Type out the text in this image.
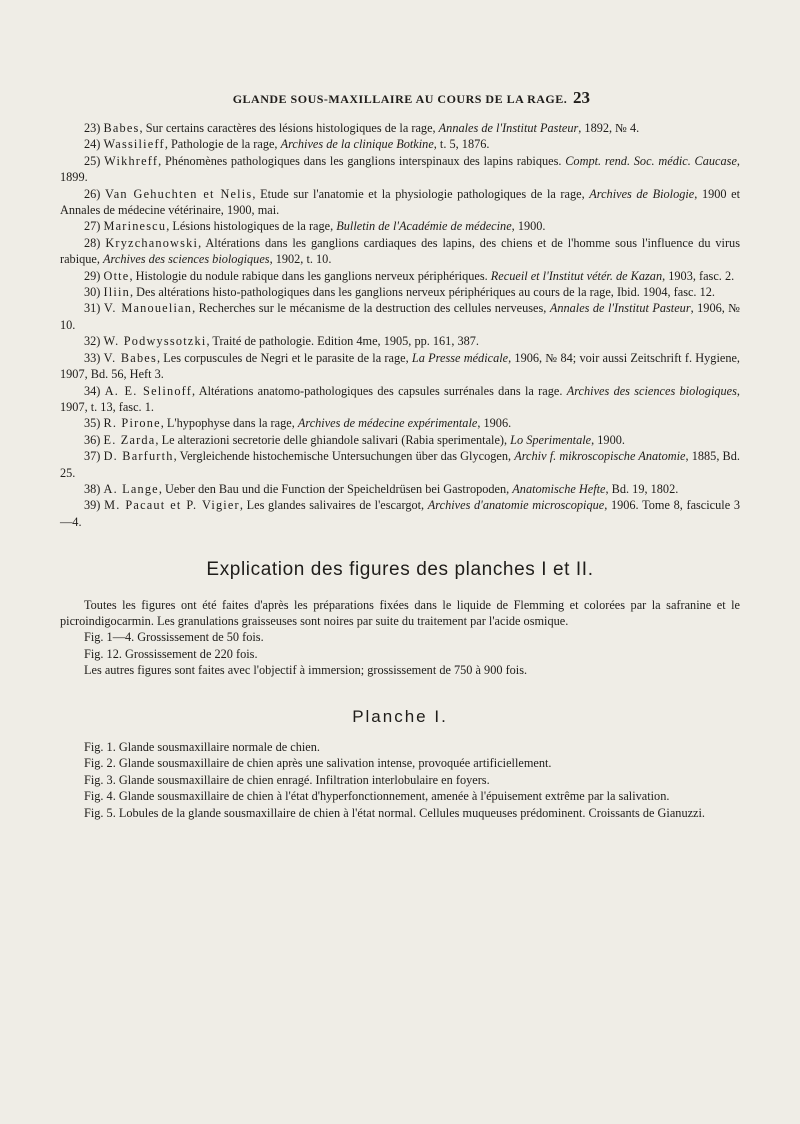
GLANDE SOUS-MAXILLAIRE AU COURS DE LA RAGE. 23

23) Babes, Sur certains caractères des lésions histologiques de la rage, Annales de l'Institut Pasteur, 1892, № 4.

24) Wassilieff, Pathologie de la rage, Archives de la clinique Botkine, t. 5, 1876.

25) Wikhreff, Phénomènes pathologiques dans les ganglions interspinaux des lapins rabiques. Compt. rend. Soc. médic. Caucase, 1899.

26) Van Gehuchten et Nelis, Etude sur l'anatomie et la physiologie pathologiques de la rage, Archives de Biologie, 1900 et Annales de médecine vétérinaire, 1900, mai.

27) Marinescu, Lésions histologiques de la rage, Bulletin de l'Académie de médecine, 1900.

28) Kryzchanowski, Altérations dans les ganglions cardiaques des lapins, des chiens et de l'homme sous l'influence du virus rabique, Archives des sciences biologiques, 1902, t. 10.

29) Otte, Histologie du nodule rabique dans les ganglions nerveux périphériques. Recueil et l'Institut vétér. de Kazan, 1903, fasc. 2.

30) Iliin, Des altérations histo-pathologiques dans les ganglions nerveux périphériques au cours de la rage, Ibid. 1904, fasc. 12.

31) V. Manouelian, Recherches sur le mécanisme de la destruction des cellules nerveuses, Annales de l'Institut Pasteur, 1906, № 10.

32) W. Podwyssotzki, Traité de pathologie. Edition 4me, 1905, pp. 161, 387.

33) V. Babes, Les corpuscules de Negri et le parasite de la rage, La Presse médicale, 1906, № 84; voir aussi Zeitschrift f. Hygiene, 1907, Bd. 56, Heft 3.

34) A. E. Selinoff, Altérations anatomo-pathologiques des capsules surrénales dans la rage. Archives des sciences biologiques, 1907, t. 13, fasc. 1.

35) R. Pirone, L'hypophyse dans la rage, Archives de médecine expérimentale, 1906.

36) E. Zarda, Le alterazioni secretorie delle ghiandole salivari (Rabia sperimentale), Lo Sperimentale, 1900.

37) D. Barfurth, Vergleichende histochemische Untersuchungen über das Glycogen, Archiv f. mikroscopische Anatomie, 1885, Bd. 25.

38) A. Lange, Ueber den Bau und die Function der Speicheldrüsen bei Gastropoden, Anatomische Hefte, Bd. 19, 1802.

39) M. Pacaut et P. Vigier, Les glandes salivaires de l'escargot, Archives d'anatomie microscopique, 1906. Tome 8, fascicule 3—4.

Explication des figures des planches I et II.

Toutes les figures ont été faites d'après les préparations fixées dans le liquide de Flemming et colorées par la safranine et le picroindigocarmin. Les granulations graisseuses sont noires par suite du traitement par l'acide osmique.

Fig. 1—4. Grossissement de 50 fois.

Fig. 12. Grossissement de 220 fois.

Les autres figures sont faites avec l'objectif à immersion; grossissement de 750 à 900 fois.

Planche I.

Fig. 1. Glande sousmaxillaire normale de chien.

Fig. 2. Glande sousmaxillaire de chien après une salivation intense, provoquée artificiellement.

Fig. 3. Glande sousmaxillaire de chien enragé. Infiltration interlobulaire en foyers.

Fig. 4. Glande sousmaxillaire de chien à l'état d'hyperfonctionnement, amenée à l'épuisement extrême par la salivation.

Fig. 5. Lobules de la glande sousmaxillaire de chien à l'état normal. Cellules muqueuses prédominent. Croissants de Gianuzzi.
